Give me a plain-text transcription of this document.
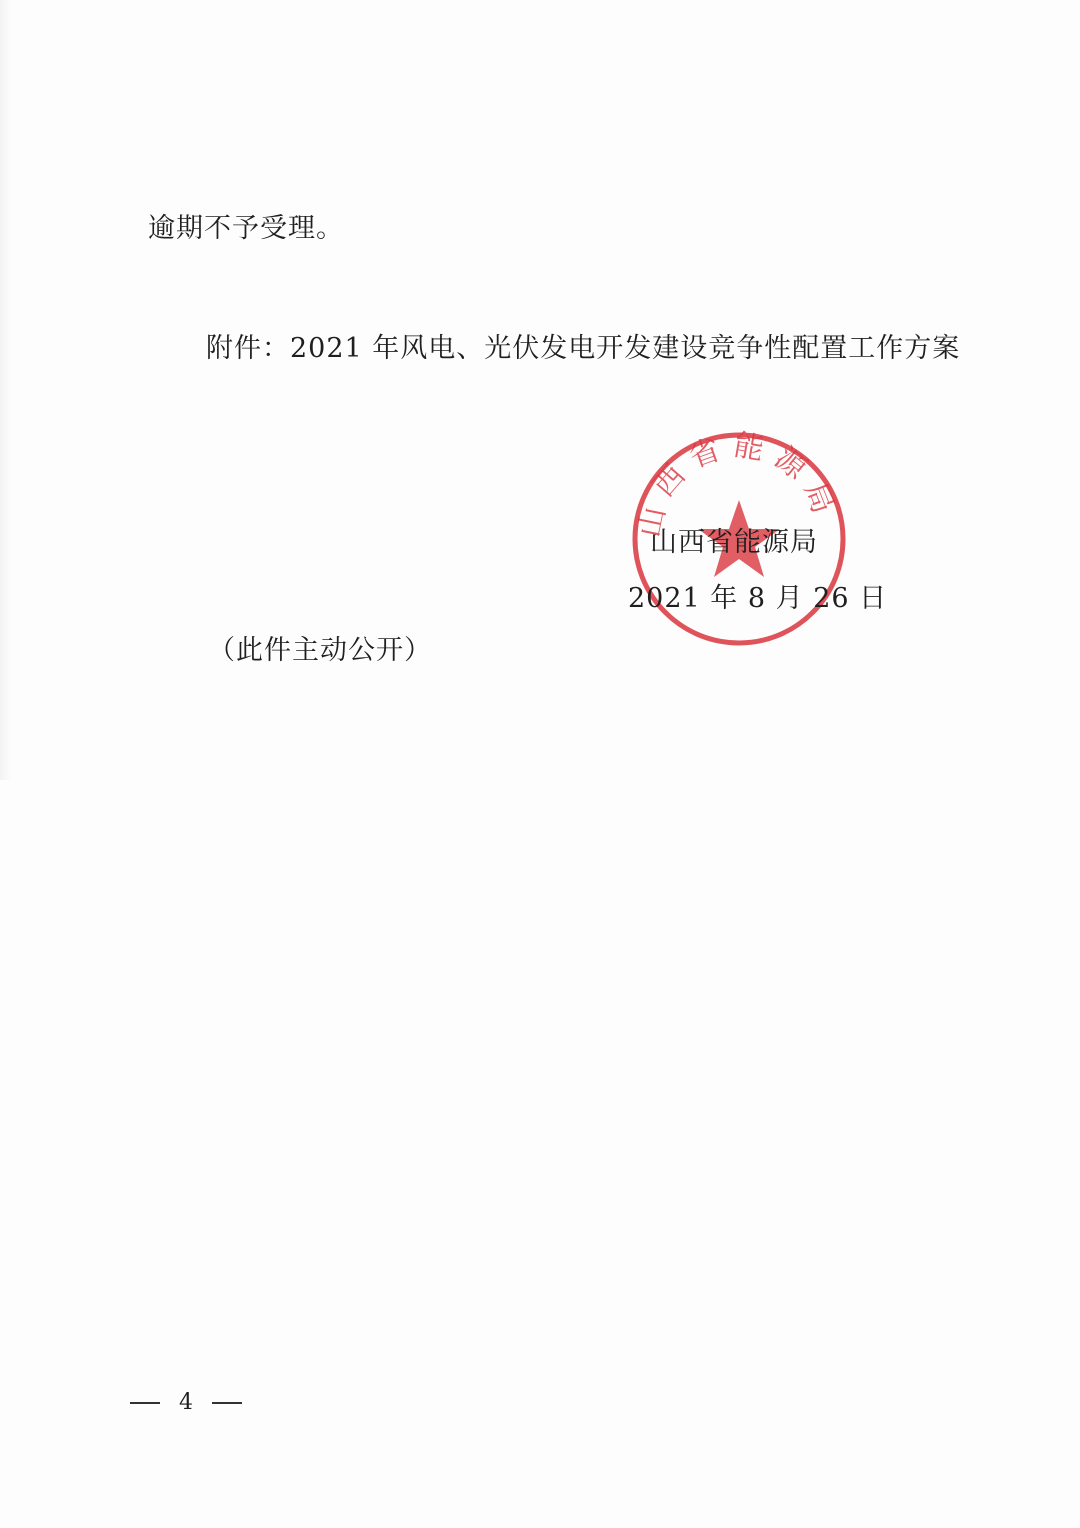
逾期不予受理。
附件：2021 年风电、光伏发电开发建设竞争性配置工作方案
山西省能源局
山西省能源局
2021 年 8 月 26 日
（此件主动公开）
4
